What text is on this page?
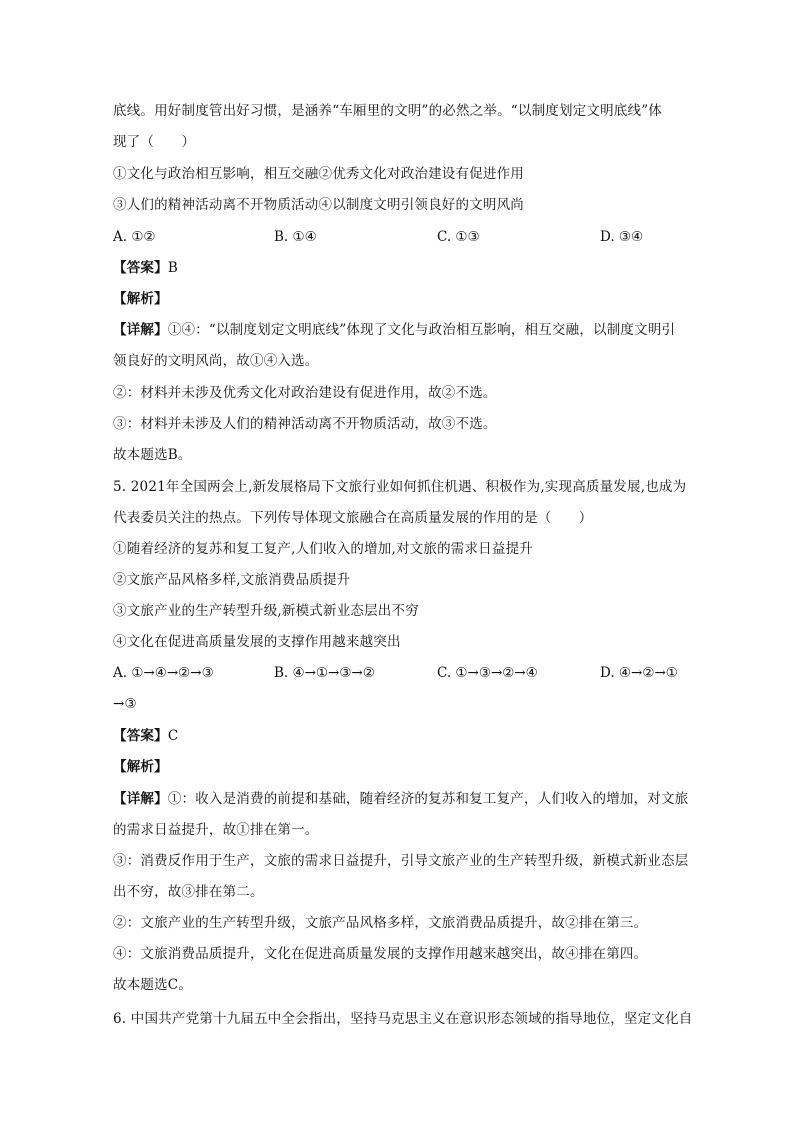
底线。用好制度管出好习惯，是涵养“车厢里的文明”的必然之举。“以制度划定文明底线”体
现了（　　）
①文化与政治相互影响，相互交融②优秀文化对政治建设有促进作用
③人们的精神活动离不开物质活动④以制度文明引领良好的文明风尚
A. ①②	B. ①④	C. ①③	D. ③④
【答案】B
【解析】
【详解】①④：“以制度划定文明底线”体现了文化与政治相互影响，相互交融，以制度文明引
领良好的文明风尚，故①④入选。
②：材料并未涉及优秀文化对政治建设有促进作用，故②不选。
③：材料并未涉及人们的精神活动离不开物质活动，故③不选。
故本题选B。
5. 2021年全国两会上,新发展格局下文旅行业如何抓住机遇、积极作为,实现高质量发展,也成为
代表委员关注的热点。下列传导体现文旅融合在高质量发展的作用的是（　　）
①随着经济的复苏和复工复产,人们收入的增加,对文旅的需求日益提升
②文旅产品风格多样,文旅消费品质提升
③文旅产业的生产转型升级,新模式新业态层出不穷
④文化在促进高质量发展的支撑作用越来越突出
A. ①→④→②→③	B. ④→①→③→②	C. ①→③→②→④	D. ④→②→①
→③
【答案】C
【解析】
【详解】①：收入是消费的前提和基础，随着经济的复苏和复工复产，人们收入的增加，对文旅
的需求日益提升，故①排在第一。
③：消费反作用于生产，文旅的需求日益提升，引导文旅产业的生产转型升级，新模式新业态层
出不穷，故③排在第二。
②：文旅产业的生产转型升级，文旅产品风格多样，文旅消费品质提升，故②排在第三。
④：文旅消费品质提升，文化在促进高质量发展的支撑作用越来越突出，故④排在第四。
故本题选C。
6. 中国共产党第十九届五中全会指出，坚持马克思主义在意识形态领域的指导地位，坚定文化自
